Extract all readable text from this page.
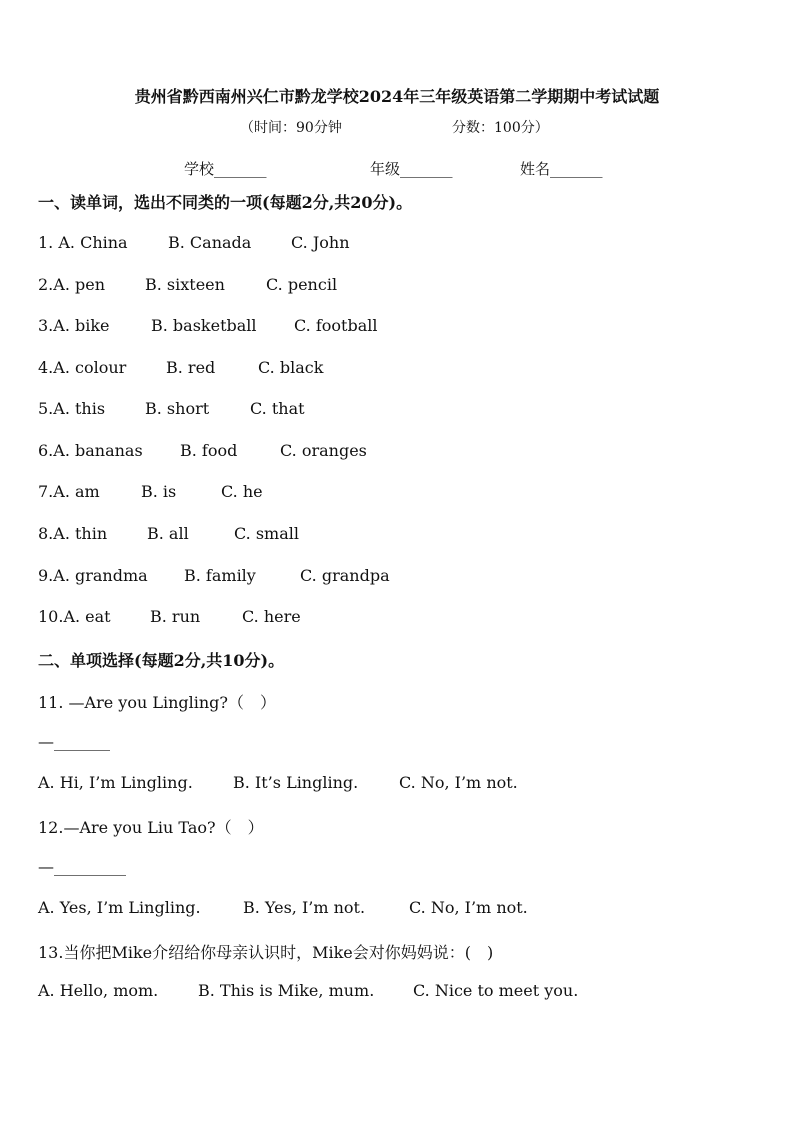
贵州省黔西南州兴仁市黔龙学校2024年三年级英语第二学期期中考试试题
（时间：90分钟	分数：100分）
学校_______	年级_______	姓名_______
一、读单词，选出不同类的一项(每题2分,共20分)。
1. A. China	B. Canada C. John
2.A. pen B. sixteen	C. pencil
3.A. bike	B. basketball C. football
4.A. colour B. red	C. black
5.A. this B. short	C. that
6.A. bananas B. food	C. oranges
7.A. am	B. is	C. he
8.A. thin B. all	C. small
9.A. grandma B. family	C. grandpa
10.A. eat B. run	C. here
二、单项选择(每题2分,共10分)。
11. —Are you Lingling?（　）
—_______
A. Hi, I’m Lingling.	B. It’s Lingling.	C. No, I’m not.
12.—Are you Liu Tao?（　）
—_________
A. Yes, I’m Lingling.	B. Yes, I’m not.	C. No, I’m not.
13.当你把Mike介绍给你母亲认识时，Mike会对你妈妈说：(　)
A. Hello, mom. B. This is Mike, mum. C. Nice to meet you.
